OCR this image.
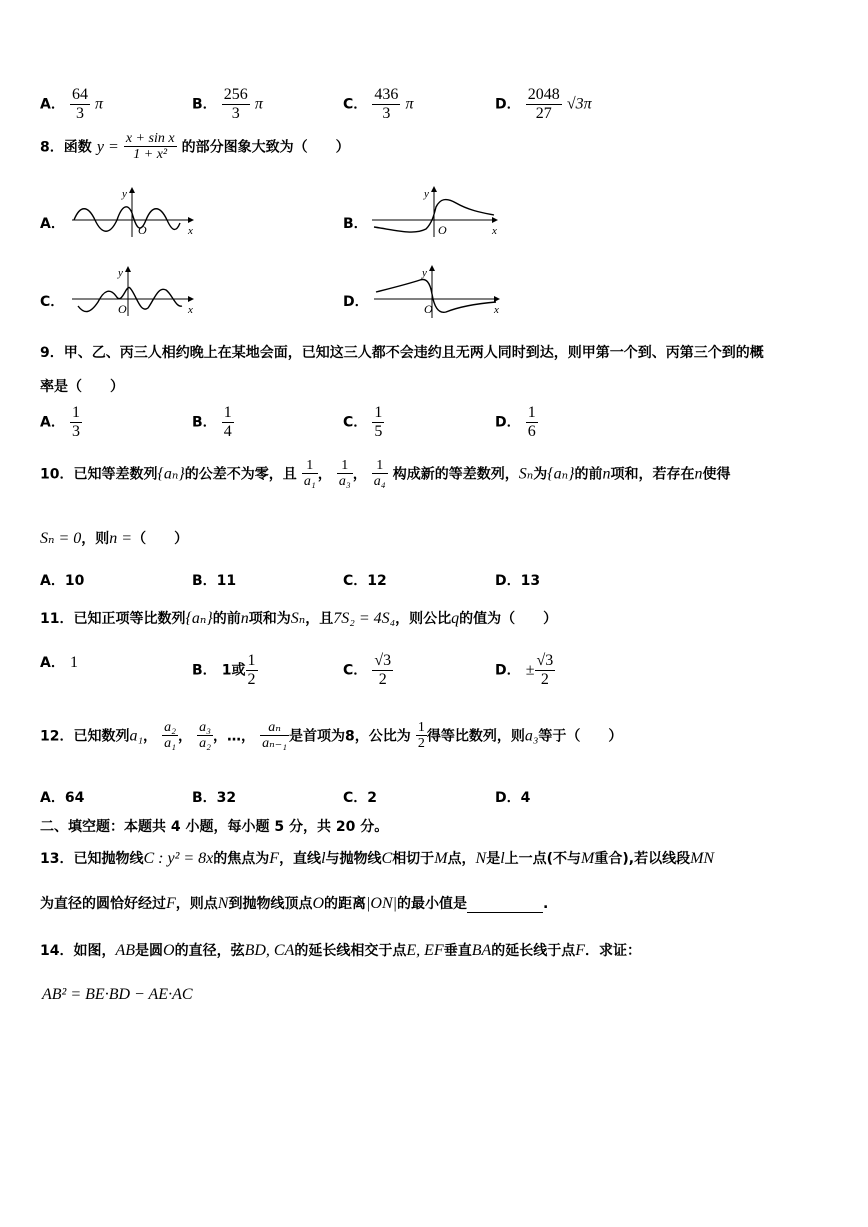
A． $\frac{64}{3}$ π	B． $\frac{256}{3}$ π	C． $\frac{436}{3}$ π	D． $\frac{2048}{27} √3\pi$
8．函数 $y = \frac{\text{x + sin x}}{\text{1 + x²}}$ 的部分图象大致为（　　）
A．	O	x
y
B．	O	x
y
C．	O	x
y
D．	O	x
y
9．甲、乙、丙三人相约晚上在某地会面，已知这三人都不会违约且无两人同时到达，则甲第一个到、丙第三个到的概
率是（　　）
A． $\frac{1}{3}$	B． $\frac{1}{4}$	C． $\frac{1}{5}$	D． $\frac{1}{6}$
10．已知等差数列{aₙ}的公差不为零，且 $\frac{1}{\text{a₁}}$ ， $\frac{1}{\text{a₃}}$ ， $\frac{1}{\text{a₄}}$ 构成新的等差数列，Sₙ为{aₙ}的前n项和，若存在n使得
Sₙ = 0，则n =（　　）
A．10	B．11	C．12	D．13
11．已知正项等比数列{aₙ}的前n项和为Sₙ，且7S₂ = 4S₄，则公比q的值为（　　）
A． 1	B． 1或 $\frac{1}{2}$	C． $\frac{√3}{2}$	D． ± $\frac{√3}{2}$
12．已知数列a₁， $\frac{\text{a₂}}{\text{a₁}}$ ， $\frac{\text{a₃}}{\text{a₂}}$ ，…， $\frac{\text{aₙ}}{\text{aₙ₋₁}}$ 是首项为8，公比为 $\frac{1}{2}$ 得等比数列，则a₃等于（　　）
A．64	B．32	C．2	D．4
二、填空题：本题共 4 小题，每小题 5 分，共 20 分。
13．已知抛物线C : y² = 8x的焦点为F，直线l与抛物线C相切于M点，N是l上一点(不与M重合),若以线段MN
为直径的圆恰好经过F，则点N到抛物线顶点O的距离|ON|的最小值是	.
14．如图，AB是圆O的直径，弦BD, CA的延长线相交于点E, EF垂直BA的延长线于点F．求证：
AB² = BE·BD − AE·AC
